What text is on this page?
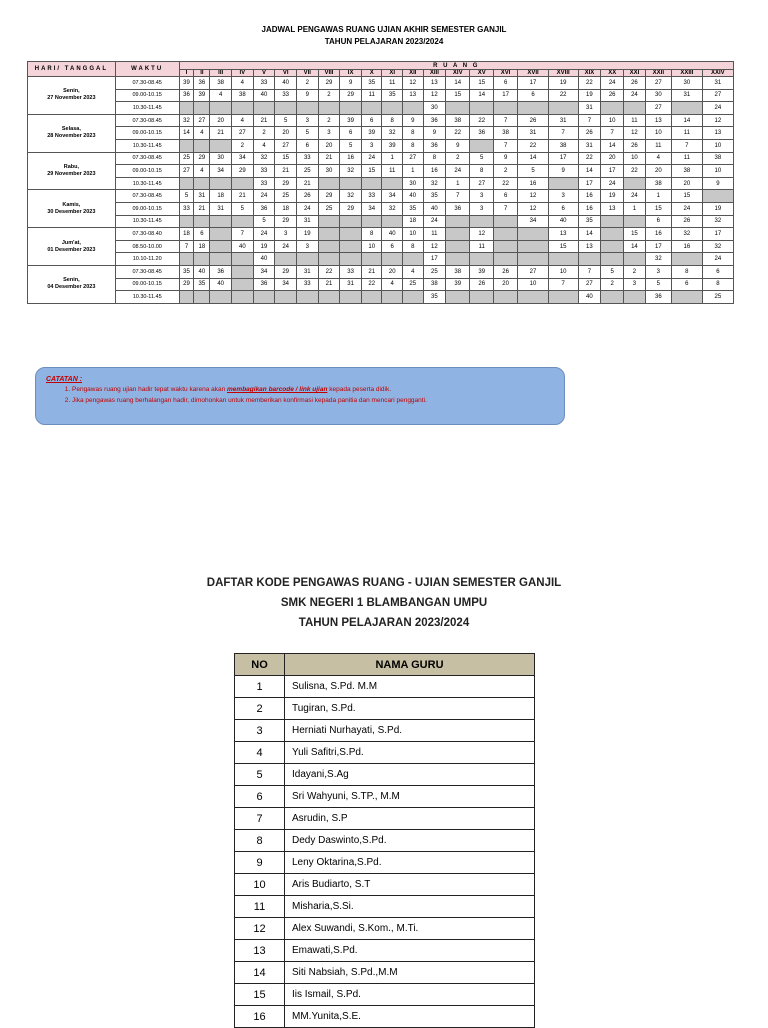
JADWAL PENGAWAS RUANG UJIAN AKHIR SEMESTER GANJIL
TAHUN PELAJARAN 2023/2024
HARI/ TANGGAL	WAKTU	R U A N G																							
		I	II	III	IV	V	VI	VII	VIII	IX	X	XI	XII	XIII	XIV	XV	XVI	XVII	XVIII	XIX	XX	XXI	XXII	XXIII	XXIV

Senin,
27 November 2023	07.30-08.45	39	36	38	4	33	40	2	29	9	35	11	12	13	14	15	6	17	19	22	24	26	27	30	31
	09.00-10.15	36	39	4	38	40	33	9	2	29	11	35	13	12	15	14	17	6	22	19	26	24	30	31	27
	10.30-11.45													30						31			27		24

Selasa,
28 November 2023	07.30-08.45	32	27	20	4	21	5	3	2	39	6	8	9	36	38	22	7	26	31	7	10	11	13	14	12
	09.00-10.15	14	4	21	27	2	20	5	3	6	39	32	8	9	22	36	38	31	7	26	7	12	10	11	13
	10.30-11.45				2	4	27	6	20	5	3	39	8	36	9		7	22	38	31	14	26	11	7	10

Rabu,
29 November 2023	07.30-08.45	25	29	30	34	32	15	33	21	16	24	1	27	8	2	5	9	14	17	22	20	10	4	11	38
	09.00-10.15	27	4	34	29	33	21	25	30	32	15	11	1	16	24	8	2	5	9	14	17	22	20	38	10
	10.30-11.45					33	29	21					30	32	1	27	22	16		17	24		38	20	9

Kamis,
30 Desember 2023	07.30-08.45	5	31	18	21	24	25	26	29	32	33	34	40	35	7	3	6	12	3	16	19	24	1	15	
	09.00-10.15	33	21	31	5	36	18	24	25	29	34	32	35	40	36	3	7	12	6	16	13	1	15	24	19
	10.30-11.45					5	29	31					18	24				34	40	35			6	26	32

Jum'at,
01 Desember 2023	07.30-08.40	18	6		7	24	3	19			8	40	10	11		12			13	14		15	16	32	17
	08.50-10.00	7	18		40	19	24	3			10	6	8	12		11			15	13		14	17	16	32
	10.10-11.20					40								17									32		24

Senin,
04 Desember 2023	07.30-08.45	35	40	36		34	29	31	22	33	21	20	4	25	38	39	26	27	10	7	5	2	3	8	6
	09.00-10.15	29	35	40		36	34	33	21	31	22	4	25	38	39	26	20	10	7	27	2	3	5	6	8
	10.30-11.45													35						40			36		25
CATATAN :
1. Pengawas ruang ujian hadir tepat waktu karena akan membagikan barcode / link ujian kepada peserta didik.
2. Jika pengawas ruang berhalangan hadir, dimohonkan untuk memberikan konfirmasi kepada panitia dan mencari pengganti.
DAFTAR KODE PENGAWAS RUANG - UJIAN SEMESTER GANJIL
SMK NEGERI 1 BLAMBANGAN UMPU
TAHUN PELAJARAN 2023/2024
NO	NAMA GURU
1	Sulisna, S.Pd. M.M
2	Tugiran, S.Pd.
3	Herniati Nurhayati, S.Pd.
4	Yuli Safitri,S.Pd.
5	Idayani,S.Ag
6	Sri Wahyuni, S.TP., M.M
7	Asrudin, S.P
8	Dedy Daswinto,S.Pd.
9	Leny Oktarina,S.Pd.
10	Aris Budiarto, S.T
11	Misharia,S.Si.
12	Alex Suwandi, S.Kom., M.Ti.
13	Emawati,S.Pd.
14	Siti Nabsiah, S.Pd.,M.M
15	Iis Ismail, S.Pd.
16	MM.Yunita,S.E.
